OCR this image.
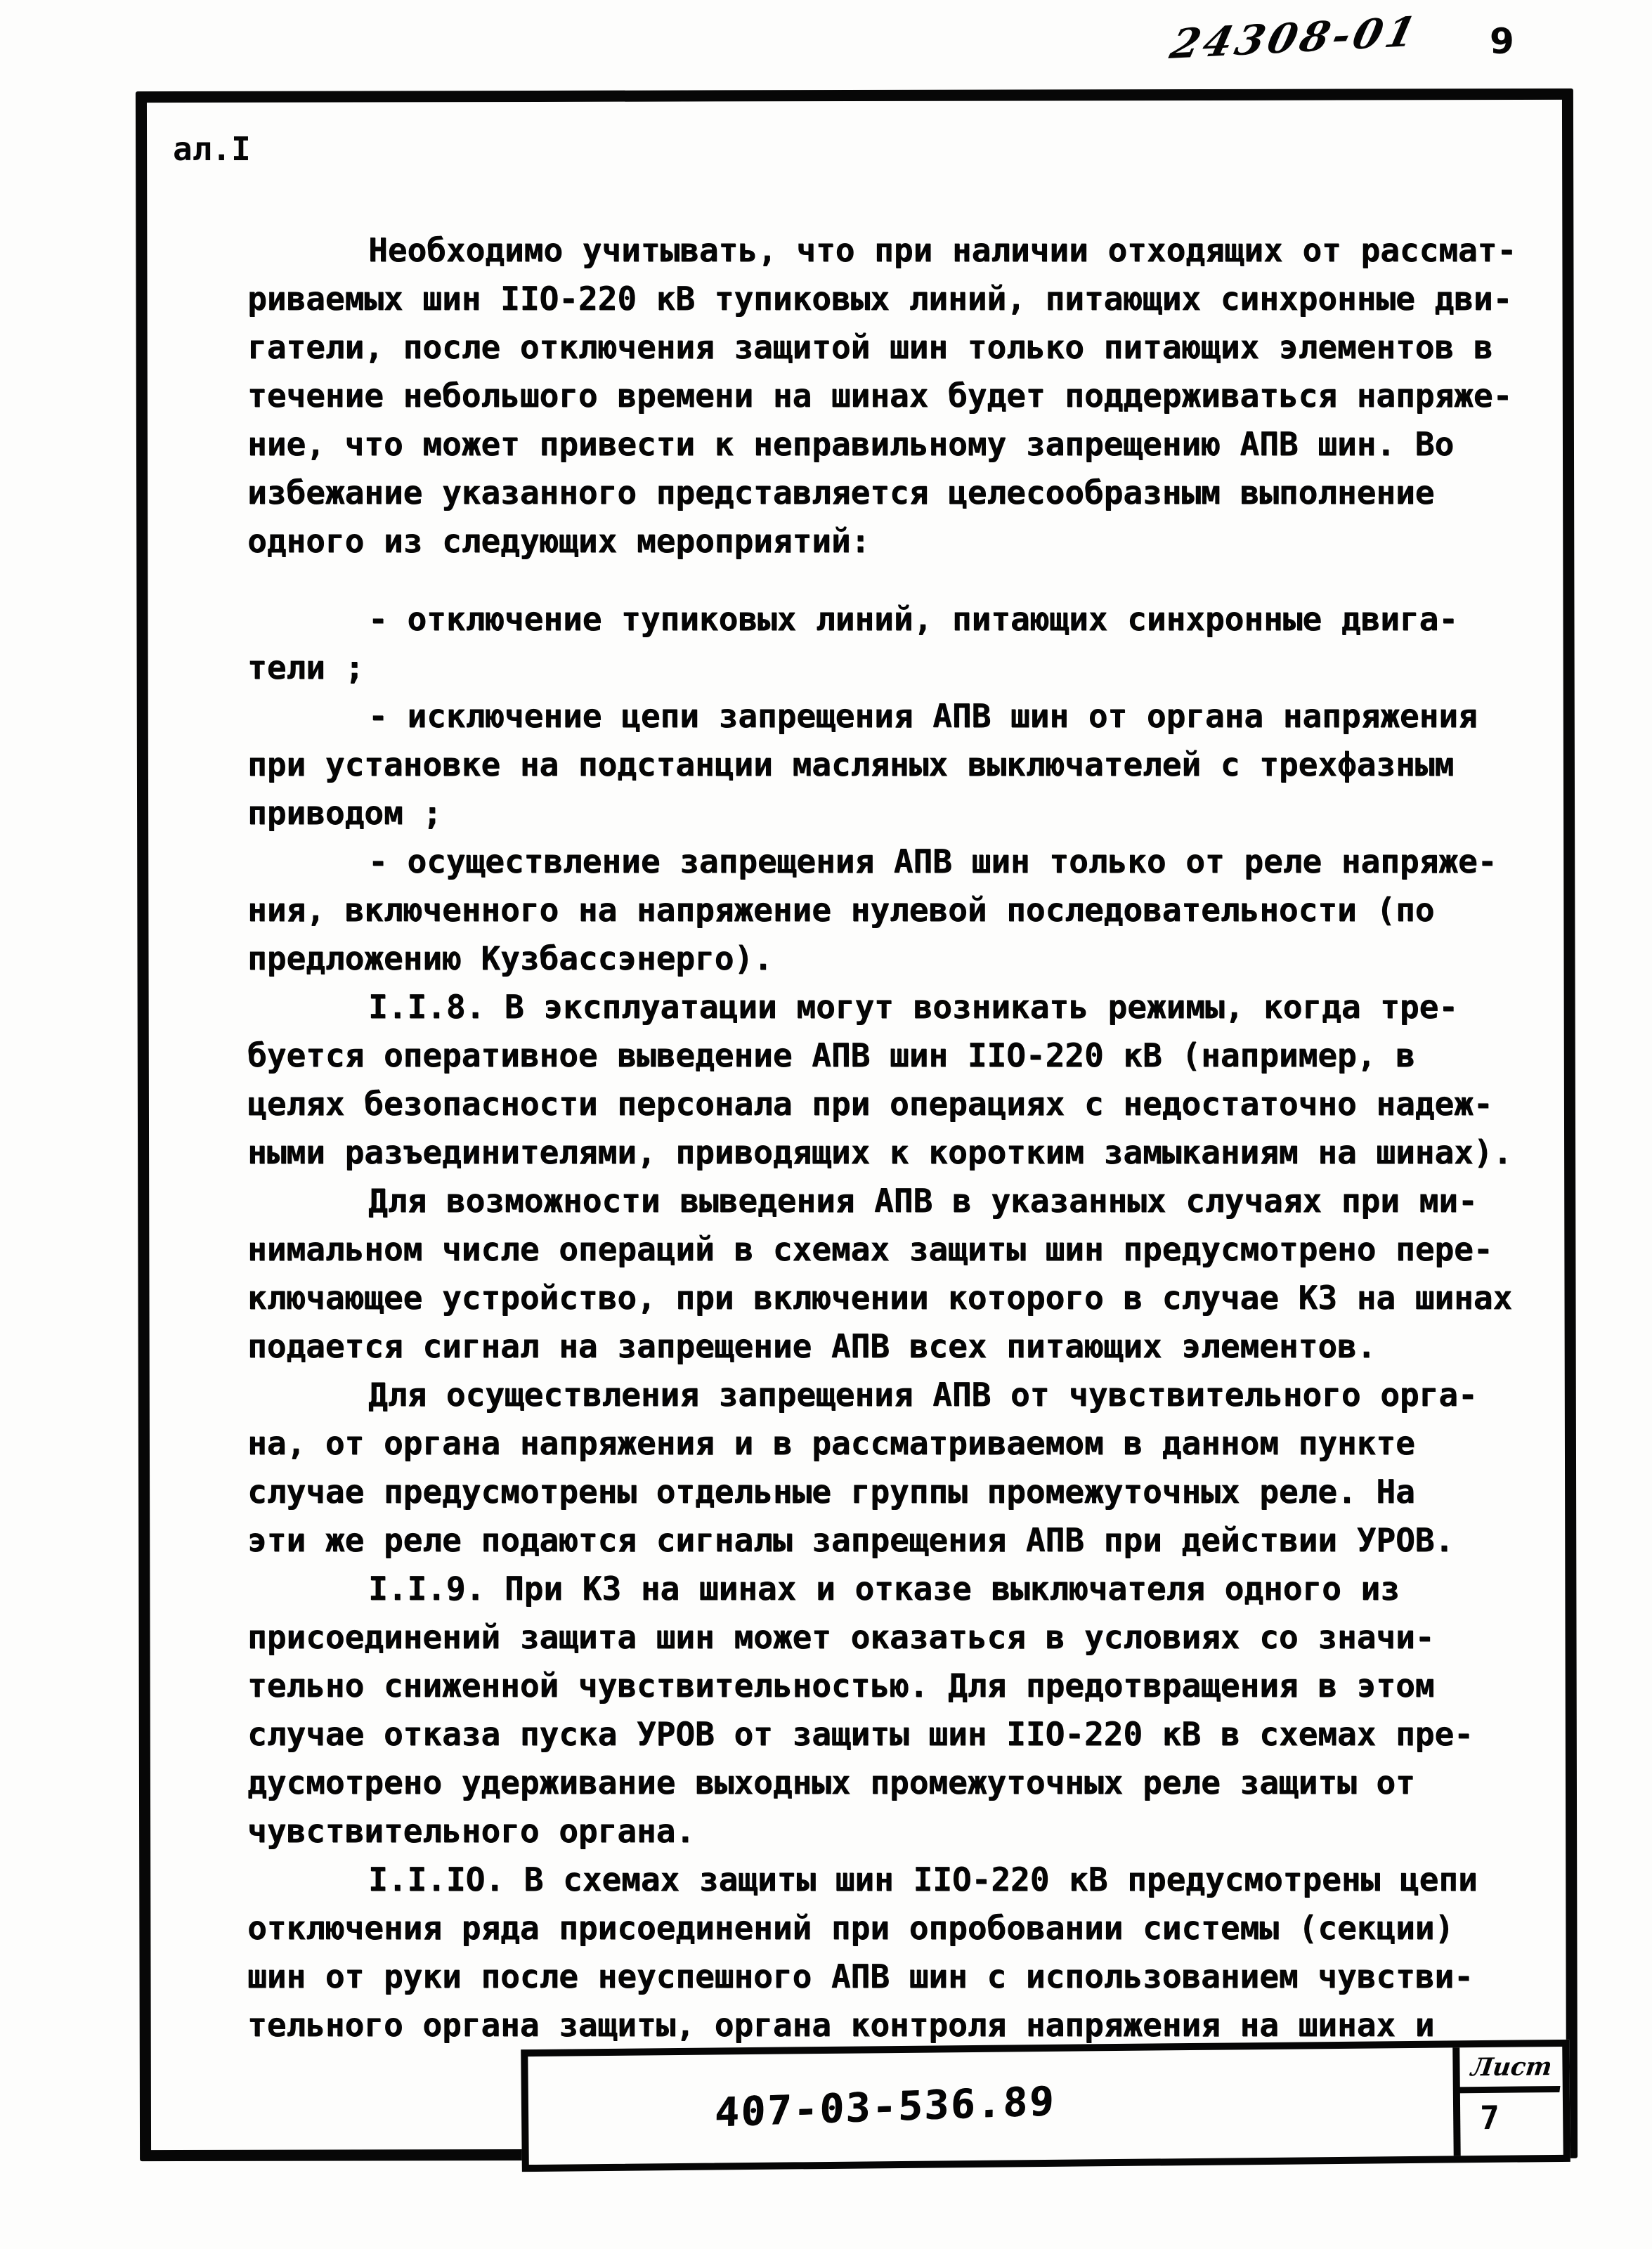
24308-01	9
ал.I
Необходимо учитывать, что при наличии отходящих от рассмат-
риваемых шин IIO-220 кВ тупиковых линий, питающих синхронные дви-
гатели, после отключения защитой шин только питающих элементов в
течение небольшого времени на шинах будет поддерживаться напряже-
ние, что может привести к неправильному запрещению АПВ шин. Во
избежание указанного представляется целесообразным выполнение
одного из следующих мероприятий:
- отключение тупиковых линий, питающих синхронные двига-
тели ;
- исключение цепи запрещения АПВ шин от органа напряжения
при установке на подстанции масляных выключателей с трехфазным
приводом ;
- осуществление запрещения АПВ шин только от реле напряже-
ния, включенного на напряжение нулевой последовательности (по
предложению Кузбассэнерго).
I.I.8. В эксплуатации могут возникать режимы, когда тре-
буется оперативное выведение АПВ шин IIO-220 кВ (например, в
целях безопасности персонала при операциях с недостаточно надеж-
ными разъединителями, приводящих к коротким замыканиям на шинах).
Для возможности выведения АПВ в указанных случаях при ми-
нимальном числе операций в схемах защиты шин предусмотрено пере-
ключающее устройство, при включении которого в случае КЗ на шинах
подается сигнал на запрещение АПВ всех питающих элементов.
Для осуществления запрещения АПВ от чувствительного орга-
на, от органа напряжения и в рассматриваемом в данном пункте
случае предусмотрены отдельные группы промежуточных реле. На
эти же реле подаются сигналы запрещения АПВ при действии УРОВ.
I.I.9. При КЗ на шинах и отказе выключателя одного из
присоединений защита шин может оказаться в условиях со значи-
тельно сниженной чувствительностью. Для предотвращения в этом
случае отказа пуска УРОВ от защиты шин IIO-220 кВ в схемах пре-
дусмотрено удерживание выходных промежуточных реле защиты от
чувствительного органа.
I.I.IO. В схемах защиты шин IIO-220 кВ предусмотрены цепи
отключения ряда присоединений при опробовании системы (секции)
шин от руки после неуспешного АПВ шин с использованием чувстви-
тельного органа защиты, органа контроля напряжения на шинах и
407-03-536.89
Лист
7
